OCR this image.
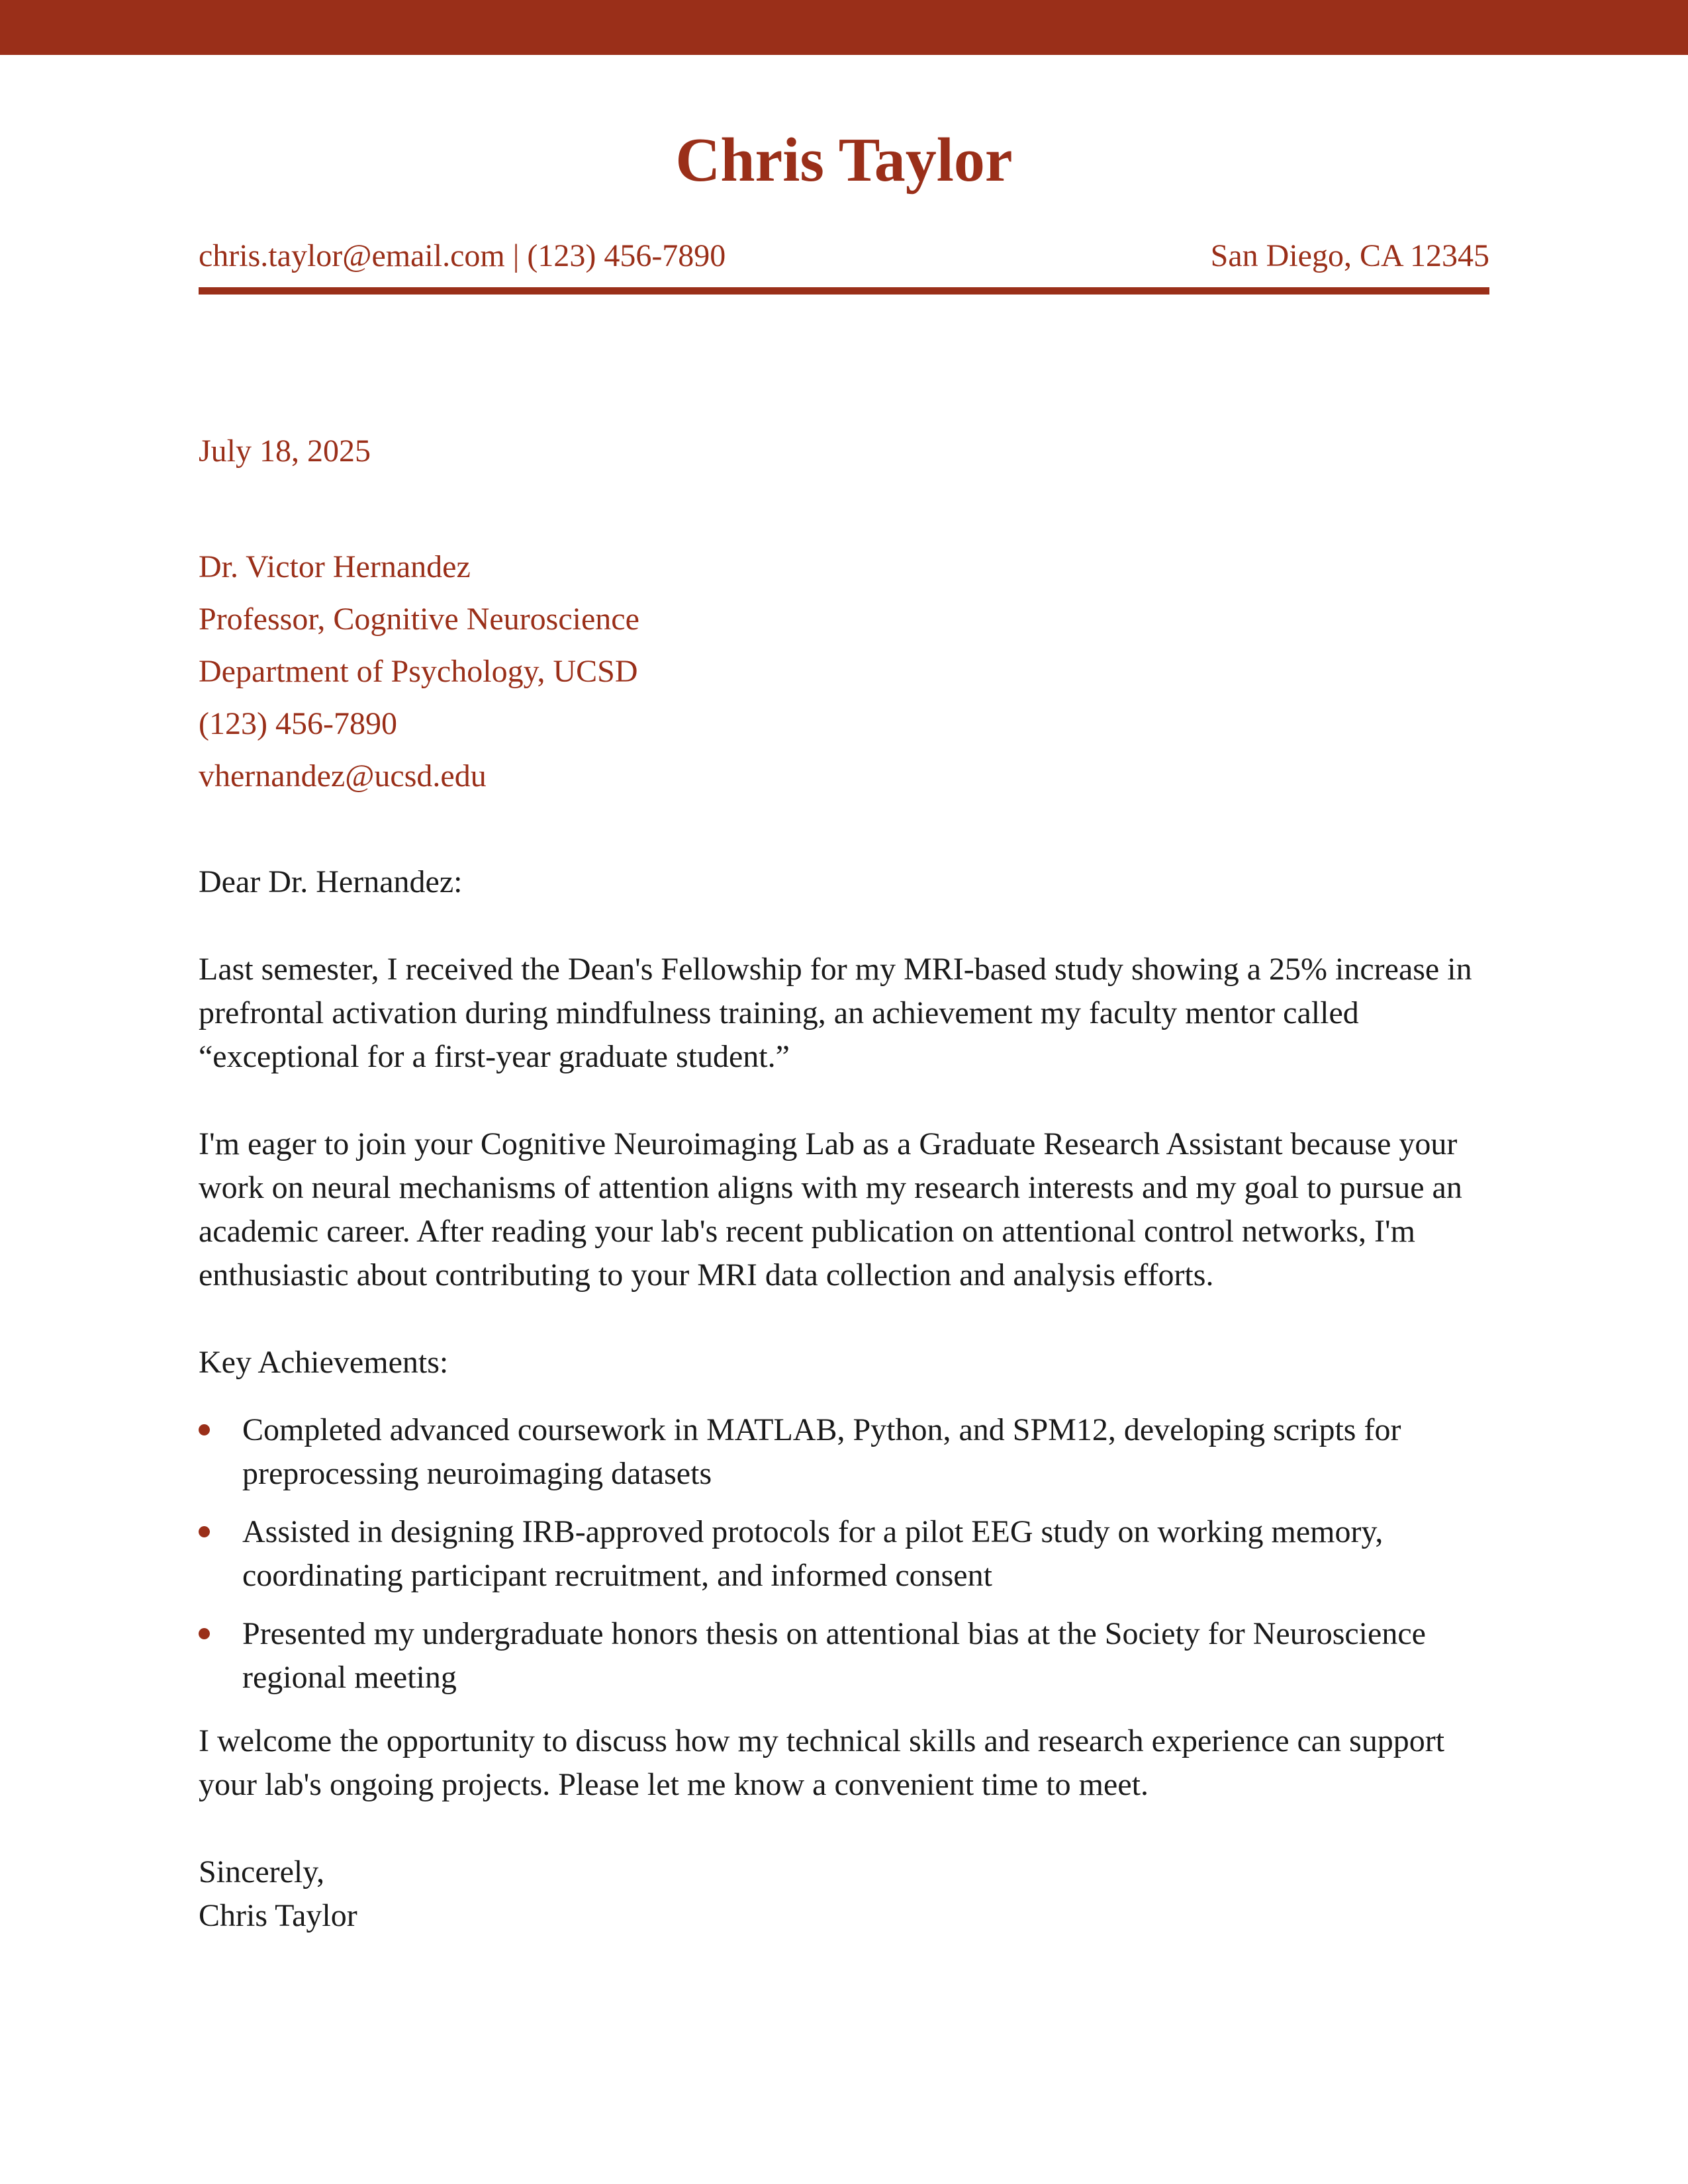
Chris Taylor
chris.taylor@email.com | (123) 456-7890	San Diego, CA 12345
July 18, 2025
Dr. Victor Hernandez
Professor, Cognitive Neuroscience
Department of Psychology, UCSD
(123) 456-7890
vhernandez@ucsd.edu

Dear Dr. Hernandez:

Last semester, I received the Dean's Fellowship for my MRI-based study showing a 25% increase in prefrontal activation during mindfulness training, an achievement my faculty mentor called “exceptional for a first-year graduate student.”

I'm eager to join your Cognitive Neuroimaging Lab as a Graduate Research Assistant because your work on neural mechanisms of attention aligns with my research interests and my goal to pursue an academic career. After reading your lab's recent publication on attentional control networks, I'm enthusiastic about contributing to your MRI data collection and analysis efforts.

Key Achievements:

Completed advanced coursework in MATLAB, Python, and SPM12, developing scripts for preprocessing neuroimaging datasets
Assisted in designing IRB-approved protocols for a pilot EEG study on working memory, coordinating participant recruitment, and informed consent
Presented my undergraduate honors thesis on attentional bias at the Society for Neuroscience regional meeting

I welcome the opportunity to discuss how my technical skills and research experience can support your lab's ongoing projects. Please let me know a convenient time to meet.

Sincerely,

Chris Taylor
